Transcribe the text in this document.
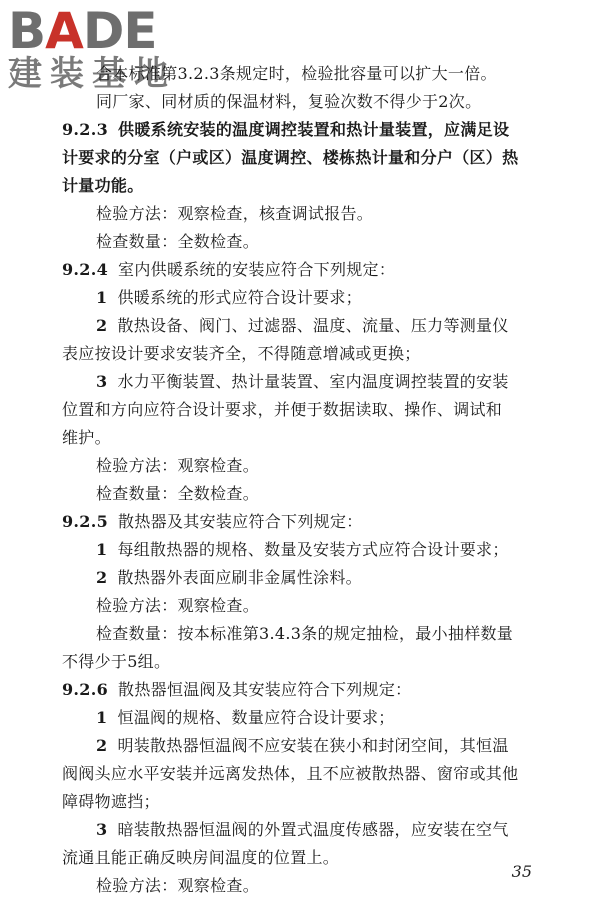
BADE
建装基地
合本标准第3.2.3条规定时，检验批容量可以扩大一倍。
同厂家、同材质的保温材料，复验次数不得少于2次。
9.2.3 供暖系统安装的温度调控装置和热计量装置，应满足设
计要求的分室（户或区）温度调控、楼栋热计量和分户（区）热
计量功能。
检验方法：观察检查，核查调试报告。
检查数量：全数检查。
9.2.4 室内供暖系统的安装应符合下列规定：
1 供暖系统的形式应符合设计要求；
2 散热设备、阀门、过滤器、温度、流量、压力等测量仪
表应按设计要求安装齐全，不得随意增减或更换；
3 水力平衡装置、热计量装置、室内温度调控装置的安装
位置和方向应符合设计要求，并便于数据读取、操作、调试和
维护。
检验方法：观察检查。
检查数量：全数检查。
9.2.5 散热器及其安装应符合下列规定：
1 每组散热器的规格、数量及安装方式应符合设计要求；
2 散热器外表面应刷非金属性涂料。
检验方法：观察检查。
检查数量：按本标准第3.4.3条的规定抽检，最小抽样数量
不得少于5组。
9.2.6 散热器恒温阀及其安装应符合下列规定：
1 恒温阀的规格、数量应符合设计要求；
2 明装散热器恒温阀不应安装在狭小和封闭空间，其恒温
阀阀头应水平安装并远离发热体，且不应被散热器、窗帘或其他
障碍物遮挡；
3 暗装散热器恒温阀的外置式温度传感器，应安装在空气
流通且能正确反映房间温度的位置上。
检验方法：观察检查。
35
